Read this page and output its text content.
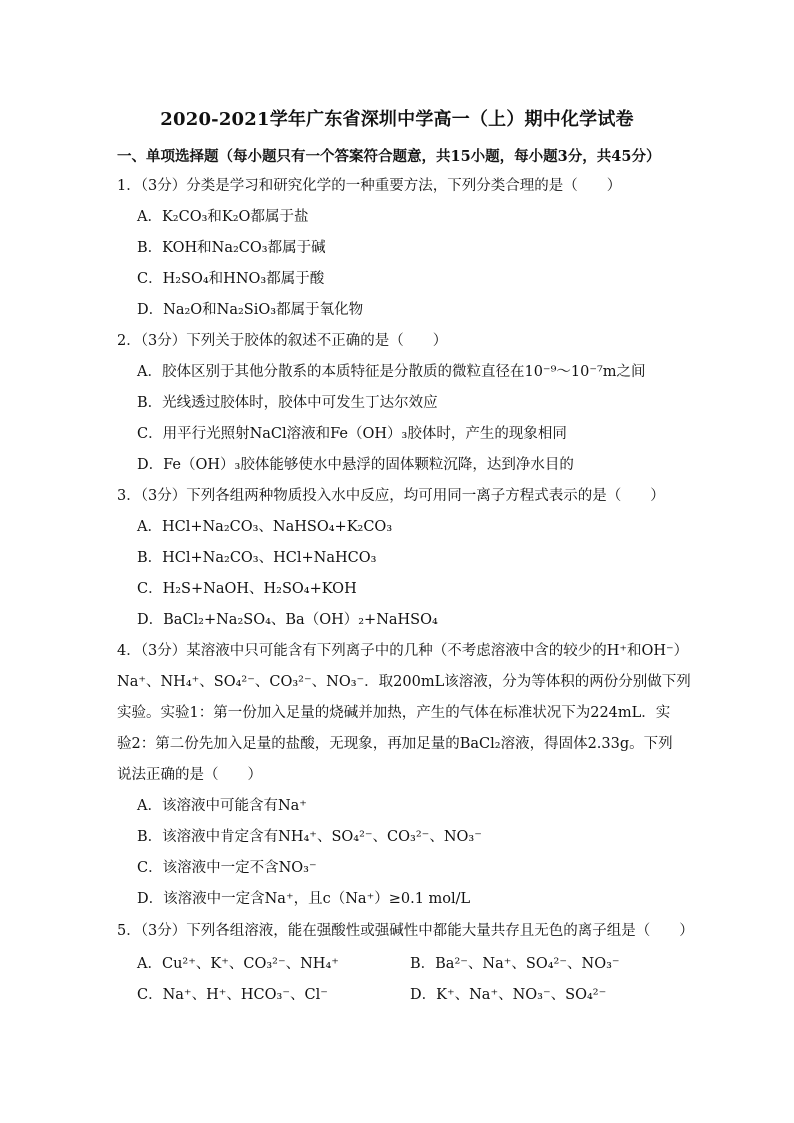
2020-2021学年广东省深圳中学高一（上）期中化学试卷
一、单项选择题（每小题只有一个答案符合题意，共15小题，每小题3分，共45分）
1．（3分）分类是学习和研究化学的一种重要方法，下列分类合理的是（　　）
A．K₂CO₃和K₂O都属于盐
B．KOH和Na₂CO₃都属于碱
C．H₂SO₄和HNO₃都属于酸
D．Na₂O和Na₂SiO₃都属于氧化物
2．（3分）下列关于胶体的叙述不正确的是（　　）
A．胶体区别于其他分散系的本质特征是分散质的微粒直径在10⁻⁹～10⁻⁷m之间
B．光线透过胶体时，胶体中可发生丁达尔效应
C．用平行光照射NaCl溶液和Fe（OH）₃胶体时，产生的现象相同
D．Fe（OH）₃胶体能够使水中悬浮的固体颗粒沉降，达到净水目的
3．（3分）下列各组两种物质投入水中反应，均可用同一离子方程式表示的是（　　）
A．HCl+Na₂CO₃、NaHSO₄+K₂CO₃
B．HCl+Na₂CO₃、HCl+NaHCO₃
C．H₂S+NaOH、H₂SO₄+KOH
D．BaCl₂+Na₂SO₄、Ba（OH）₂+NaHSO₄
4．（3分）某溶液中只可能含有下列离子中的几种（不考虑溶液中含的较少的H⁺和OH⁻）
Na⁺、NH₄⁺、SO₄²⁻、CO₃²⁻、NO₃⁻．取200mL该溶液，分为等体积的两份分别做下列
实验。实验1：第一份加入足量的烧碱并加热，产生的气体在标准状况下为224mL．实
验2：第二份先加入足量的盐酸，无现象，再加足量的BaCl₂溶液，得固体2.33g。下列
说法正确的是（　　）
A．该溶液中可能含有Na⁺
B．该溶液中肯定含有NH₄⁺、SO₄²⁻、CO₃²⁻、NO₃⁻
C．该溶液中一定不含NO₃⁻
D．该溶液中一定含Na⁺，且c（Na⁺）≥0.1 mol/L
5．（3分）下列各组溶液，能在强酸性或强碱性中都能大量共存且无色的离子组是（　　）
A．Cu²⁺、K⁺、CO₃²⁻、NH₄⁺	B．Ba²⁻、Na⁺、SO₄²⁻、NO₃⁻
C．Na⁺、H⁺、HCO₃⁻、Cl⁻	D．K⁺、Na⁺、NO₃⁻、SO₄²⁻
